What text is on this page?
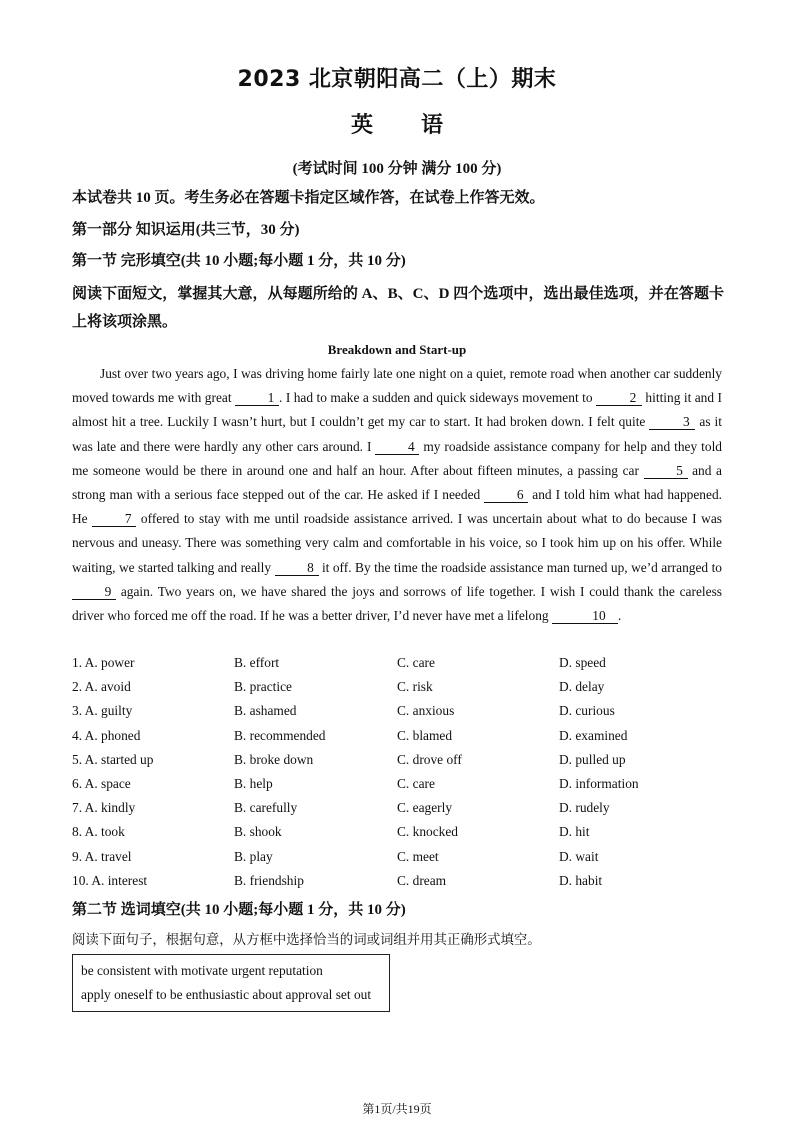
2023 北京朝阳高二（上）期末
英 语
(考试时间 100 分钟 满分 100 分)
本试卷共 10 页。考生务必在答题卡指定区域作答，在试卷上作答无效。
第一部分 知识运用(共三节，30 分)
第一节 完形填空(共 10 小题;每小题 1 分，共 10 分)
阅读下面短文，掌握其大意，从每题所给的 A、B、C、D 四个选项中，选出最佳选项，并在答题卡上将该项涂黑。
Breakdown and Start-up
Just over two years ago, I was driving home fairly late one night on a quiet, remote road when another car suddenly moved towards me with great 1 . I had to make a sudden and quick sideways movement to	2 hitting it and I almost hit a tree. Luckily I wasn’t hurt, but I couldn’t get my car to start. It had broken down. I felt quite	3 as it was late and there were hardly any other cars around. I 4 my roadside assistance company for help and they told me someone would be there in around one and half an hour. After about fifteen minutes, a passing car 5 and a strong man with a serious face stepped out of the car. He asked if I needed 6 and I told him what had happened. He 7 offered to stay with me until roadside assistance arrived. I was uncertain about what to do because I was nervous and uneasy. There was something very calm and comfortable in his voice, so I took him up on his offer. While waiting, we started talking and really 8 it off. By the time the roadside assistance man turned up, we’d arranged to 9 again. Two years on, we have shared the joys and sorrows of life together. I wish I could thank the careless driver who forced me off the road. If he was a better driver, I’d never have met a lifelong	10 .
1. A. power	B. effort	C. care	D. speed
2. A. avoid	B. practice	C. risk	D. delay
3. A. guilty	B. ashamed	C. anxious	D. curious
4. A. phoned	B. recommended	C. blamed	D. examined
5. A. started up	B. broke down	C. drove off	D. pulled up
6. A. space	B. help	C. care	D. information
7. A. kindly	B. carefully	C. eagerly	D. rudely
8. A. took	B. shook	C. knocked	D. hit
9. A. travel	B. play	C. meet	D. wait
10. A. interest	B. friendship	C. dream	D. habit
第二节 选词填空(共 10 小题;每小题 1 分，共 10 分)
阅读下面句子，根据句意，从方框中选择恰当的词或词组并用其正确形式填空。
be consistent with motivate urgent reputation
apply oneself to be enthusiastic about approval set out
第1页/共19页
